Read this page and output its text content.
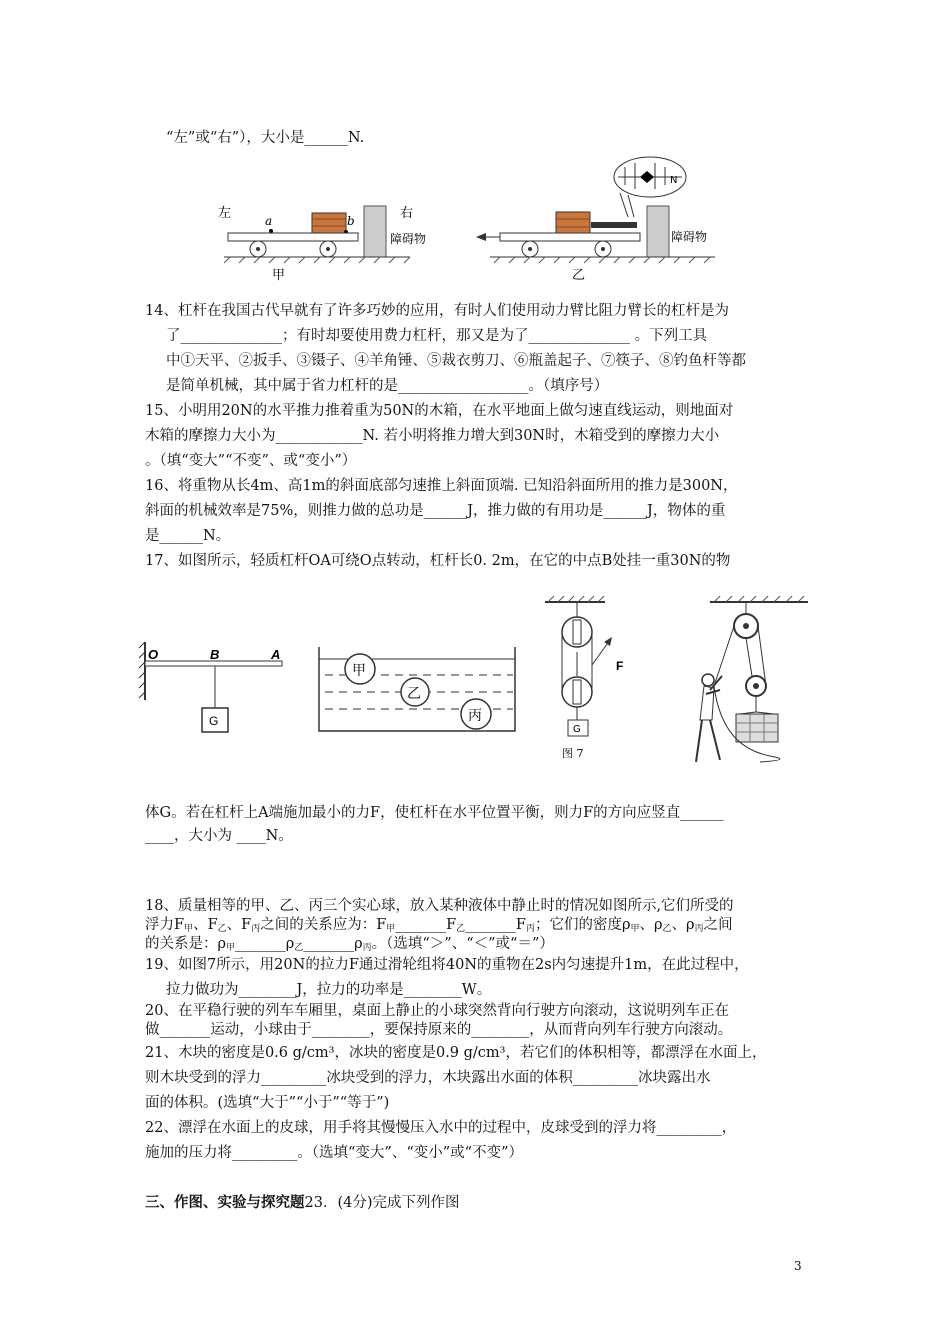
“左”或“右”），大小是______N.
左	a	b	右
障碍物
甲
障碍物
N
乙
14、杠杆在我国古代早就有了许多巧妙的应用，有时人们使用动力臂比阻力臂长的杠杆是为
了______________；有时却要使用费力杠杆，那又是为了______________ 。下列工具
中①天平、②扳手、③镊子、④羊角锤、⑤裁衣剪刀、⑥瓶盖起子、⑦筷子、⑧钓鱼杆等都
是简单机械，其中属于省力杠杆的是__________________。（填序号）
15、小明用20N的水平推力推着重为50N的木箱，在水平地面上做匀速直线运动，则地面对
木箱的摩擦力大小为____________N. 若小明将推力增大到30N时，木箱受到的摩擦力大小
。（填“变大”“不变”、或“变小”）
16、将重物从长4m、高1m的斜面底部匀速推上斜面顶端. 已知沿斜面所用的推力是300N，
斜面的机械效率是75%，则推力做的总功是______J，推力做的有用功是______J，物体的重
是______N。
17、如图所示，轻质杠杆OA可绕O点转动，杠杆长0. 2m，在它的中点B处挂一重30N的物
O	B	A
G
甲
乙
丙
F
G
图 7
体G。若在杠杆上A端施加最小的力F，使杠杆在水平位置平衡，则力F的方向应竖直______
____，大小为 ____N。
18、质量相等的甲、乙、丙三个实心球，放入某种液体中静止时的情况如图所示,它们所受的
浮力$F_甲$、$F_乙$、$F_丙$之间的关系应为：$F_甲\_\_\_\_\_\_\_F_乙\_\_\_\_\_\_\_F_丙$；它们的密度$\rho_甲$、$\rho_乙$、$\rho_丙$之间
的关系是：$\rho_甲\_\_\_\_\_\_\_\rho_乙\_\_\_\_\_\_\_\rho_丙$。（选填“＞”、“＜”或“＝”）
19、如图7所示，用20N的拉力F通过滑轮组将40N的重物在2s内匀速提升1m，在此过程中，
拉力做功为________J，拉力的功率是________W。
20、在平稳行驶的列车车厢里，桌面上静止的小球突然背向行驶方向滚动，这说明列车正在
做_______运动，小球由于________，要保持原来的________，从而背向列车行驶方向滚动。
21、木块的密度是0.6 g/cm³，冰块的密度是0.9 g/cm³，若它们的体积相等，都漂浮在水面上，
则木块受到的浮力_________冰块受到的浮力，木块露出水面的体积_________冰块露出水
面的体积。(选填“大于”“小于”“等于”)
22、漂浮在水面上的皮球，用手将其慢慢压入水中的过程中，皮球受到的浮力将_________，
施加的压力将_________。（选填“变大”、“变小”或“不变”）
三、作图、实验与探究题23．(4分)完成下列作图
3
